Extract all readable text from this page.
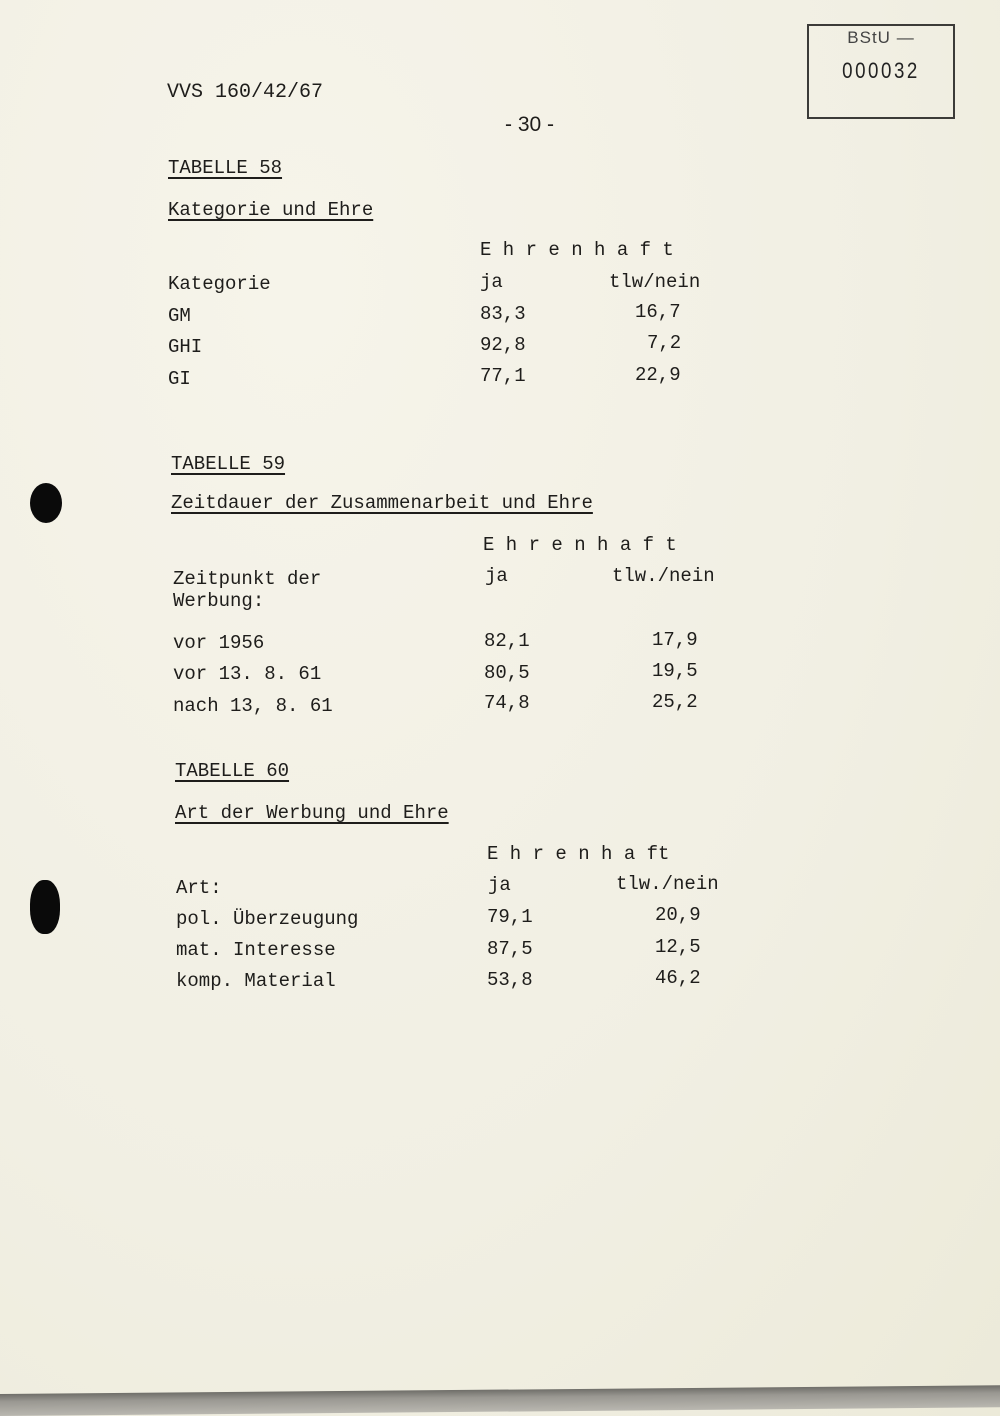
BStU —
000032
VVS 160/42/67
- 30 -
TABELLE 58
Kategorie und Ehre
E h r e n h a f t
Kategorie	ja	tlw/nein
GM	83,3	16,7
GHI	92,8	7,2
GI	77,1	22,9
TABELLE 59
Zeitdauer der Zusammenarbeit und Ehre
E h r e n h a f t
Zeitpunkt der
Werbung:
ja	tlw./nein
vor 1956	82,1	17,9
vor 13. 8. 61	80,5	19,5
nach 13, 8. 61	74,8	25,2
TABELLE 60
Art der Werbung und Ehre
E h r e n h a ft
Art:	ja	tlw./nein
pol. Überzeugung	79,1	20,9
mat. Interesse	87,5	12,5
komp. Material	53,8	46,2
